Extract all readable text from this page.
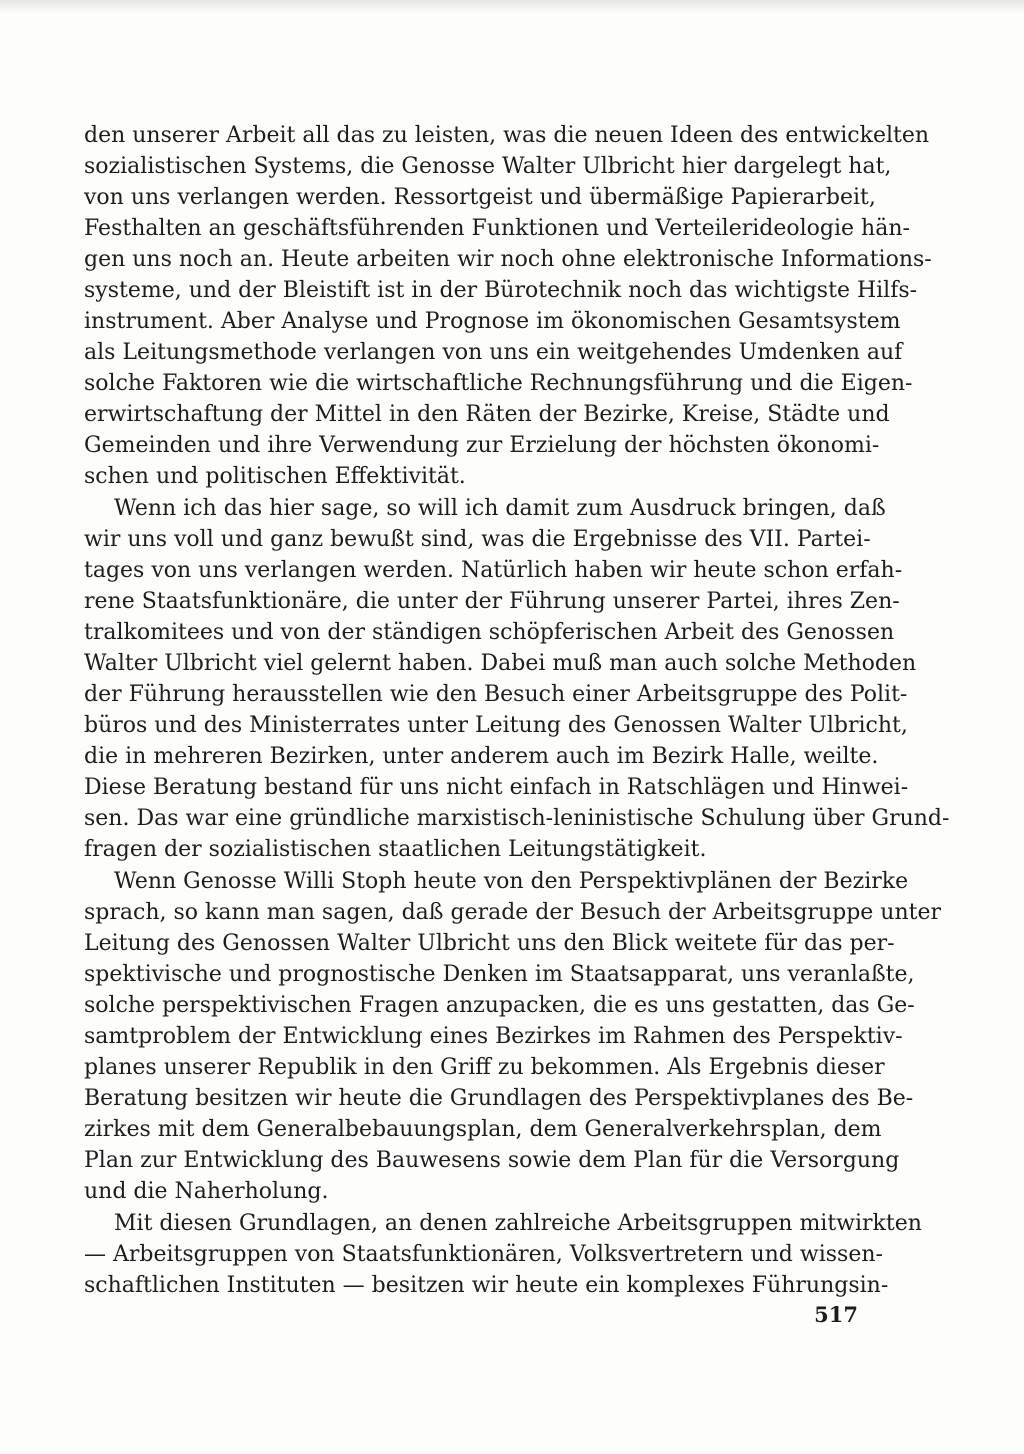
den unserer Arbeit all das zu leisten, was die neuen Ideen des entwickelten
sozialistischen Systems, die Genosse Walter Ulbricht hier dargelegt hat,
von uns verlangen werden. Ressortgeist und übermäßige Papierarbeit,
Festhalten an geschäftsführenden Funktionen und Verteilerideologie hän-
gen uns noch an. Heute arbeiten wir noch ohne elektronische Informations-
systeme, und der Bleistift ist in der Bürotechnik noch das wichtigste Hilfs-
instrument. Aber Analyse und Prognose im ökonomischen Gesamtsystem
als Leitungsmethode verlangen von uns ein weitgehendes Umdenken auf
solche Faktoren wie die wirtschaftliche Rechnungsführung und die Eigen-
erwirtschaftung der Mittel in den Räten der Bezirke, Kreise, Städte und
Gemeinden und ihre Verwendung zur Erzielung der höchsten ökonomi-
schen und politischen Effektivität.
Wenn ich das hier sage, so will ich damit zum Ausdruck bringen, daß
wir uns voll und ganz bewußt sind, was die Ergebnisse des VII. Partei-
tages von uns verlangen werden. Natürlich haben wir heute schon erfah-
rene Staatsfunktionäre, die unter der Führung unserer Partei, ihres Zen-
tralkomitees und von der ständigen schöpferischen Arbeit des Genossen
Walter Ulbricht viel gelernt haben. Dabei muß man auch solche Methoden
der Führung herausstellen wie den Besuch einer Arbeitsgruppe des Polit-
büros und des Ministerrates unter Leitung des Genossen Walter Ulbricht,
die in mehreren Bezirken, unter anderem auch im Bezirk Halle, weilte.
Diese Beratung bestand für uns nicht einfach in Ratschlägen und Hinwei-
sen. Das war eine gründliche marxistisch-leninistische Schulung über Grund-
fragen der sozialistischen staatlichen Leitungstätigkeit.
Wenn Genosse Willi Stoph heute von den Perspektivplänen der Bezirke
sprach, so kann man sagen, daß gerade der Besuch der Arbeitsgruppe unter
Leitung des Genossen Walter Ulbricht uns den Blick weitete für das per-
spektivische und prognostische Denken im Staatsapparat, uns veranlaßte,
solche perspektivischen Fragen anzupacken, die es uns gestatten, das Ge-
samtproblem der Entwicklung eines Bezirkes im Rahmen des Perspektiv-
planes unserer Republik in den Griff zu bekommen. Als Ergebnis dieser
Beratung besitzen wir heute die Grundlagen des Perspektivplanes des Be-
zirkes mit dem Generalbebauungsplan, dem Generalverkehrsplan, dem
Plan zur Entwicklung des Bauwesens sowie dem Plan für die Versorgung
und die Naherholung.
Mit diesen Grundlagen, an denen zahlreiche Arbeitsgruppen mitwirkten
— Arbeitsgruppen von Staatsfunktionären, Volksvertretern und wissen-
schaftlichen Instituten — besitzen wir heute ein komplexes Führungsin-
517
